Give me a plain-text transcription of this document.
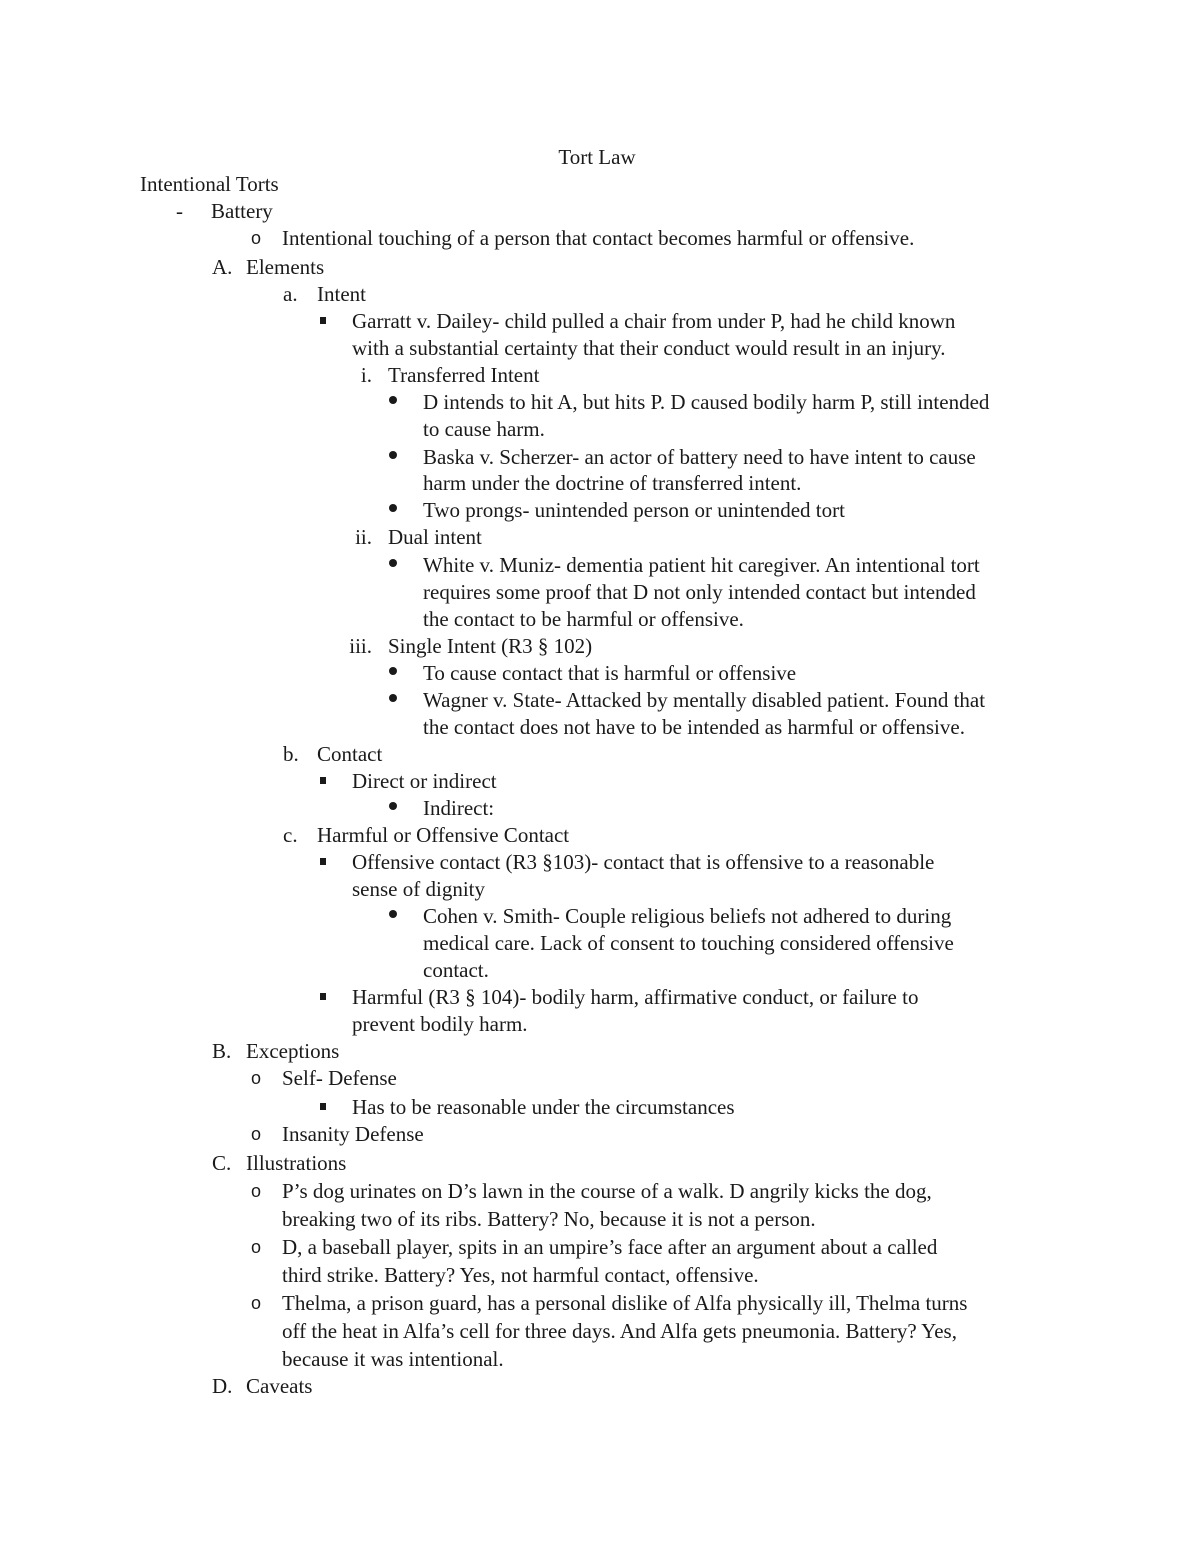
Tort Law
Intentional Torts
- Battery
o Intentional touching of a person that contact becomes harmful or offensive.
A. Elements
a. Intent
Garratt v. Dailey- child pulled a chair from under P, had he child known
with a substantial certainty that their conduct would result in an injury.
i. Transferred Intent
D intends to hit A, but hits P. D caused bodily harm P, still intended
to cause harm.
Baska v. Scherzer- an actor of battery need to have intent to cause
harm under the doctrine of transferred intent.
Two prongs- unintended person or unintended tort
ii. Dual intent
White v. Muniz- dementia patient hit caregiver. An intentional tort
requires some proof that D not only intended contact but intended
the contact to be harmful or offensive.
iii. Single Intent (R3 § 102)
To cause contact that is harmful or offensive
Wagner v. State- Attacked by mentally disabled patient. Found that
the contact does not have to be intended as harmful or offensive.
b. Contact
Direct or indirect
Indirect:
c. Harmful or Offensive Contact
Offensive contact (R3 §103)- contact that is offensive to a reasonable
sense of dignity
Cohen v. Smith- Couple religious beliefs not adhered to during
medical care. Lack of consent to touching considered offensive
contact.
Harmful (R3 § 104)- bodily harm, affirmative conduct, or failure to
prevent bodily harm.
B. Exceptions
o Self- Defense
Has to be reasonable under the circumstances
o Insanity Defense
C. Illustrations
o P’s dog urinates on D’s lawn in the course of a walk. D angrily kicks the dog,
breaking two of its ribs. Battery? No, because it is not a person.
o D, a baseball player, spits in an umpire’s face after an argument about a called
third strike. Battery? Yes, not harmful contact, offensive.
o Thelma, a prison guard, has a personal dislike of Alfa physically ill, Thelma turns
off the heat in Alfa’s cell for three days. And Alfa gets pneumonia. Battery? Yes,
because it was intentional.
D. Caveats
